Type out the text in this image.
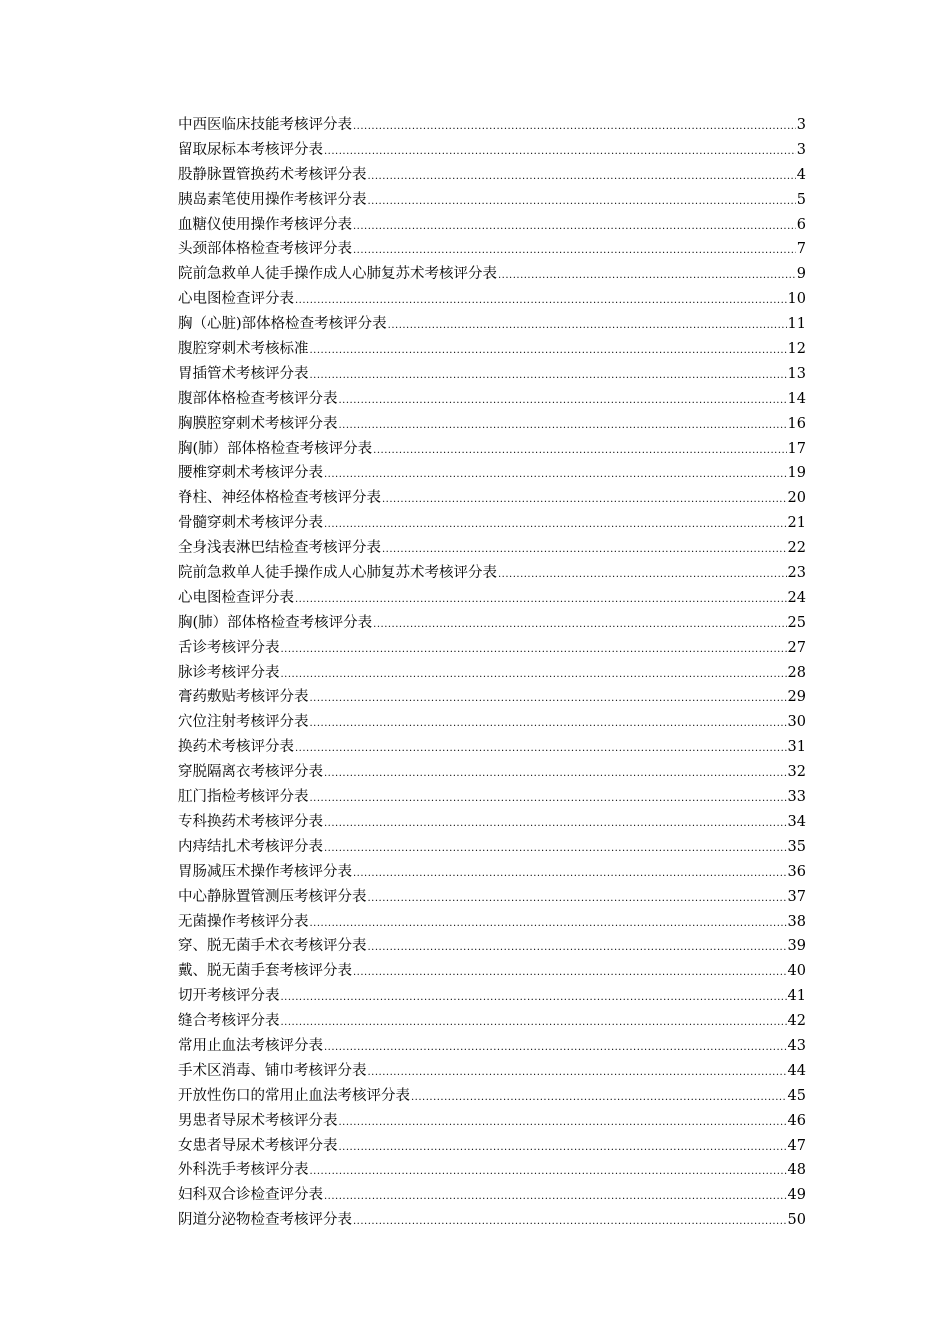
中西医临床技能考核评分表 .....	3
留取尿标本考核评分表 .....	3
股静脉置管换药术考核评分表 .....	4
胰岛素笔使用操作考核评分表 .....	5
血糖仪使用操作考核评分表 .....	6
头颈部体格检查考核评分表 .....	7
院前急救单人徒手操作成人心肺复苏术考核评分表 .....	9
心电图检查评分表 .....	10
胸（心脏)部体格检查考核评分表 .....	11
腹腔穿刺术考核标准 .....	12
胃插管术考核评分表 .....	13
腹部体格检查考核评分表 .....	14
胸膜腔穿刺术考核评分表 .....	16
胸(肺）部体格检查考核评分表 .....	17
腰椎穿刺术考核评分表 .....	19
脊柱、神经体格检查考核评分表 .....	20
骨髓穿刺术考核评分表 .....	21
全身浅表淋巴结检查考核评分表 .....	22
院前急救单人徒手操作成人心肺复苏术考核评分表 .....	23
心电图检查评分表 .....	24
胸(肺）部体格检查考核评分表 .....	25
舌诊考核评分表 .....	27
脉诊考核评分表 .....	28
膏药敷贴考核评分表 .....	29
穴位注射考核评分表 .....	30
换药术考核评分表 .....	31
穿脱隔离衣考核评分表 .....	32
肛门指检考核评分表 .....	33
专科换药术考核评分表 .....	34
内痔结扎术考核评分表 .....	35
胃肠减压术操作考核评分表 .....	36
中心静脉置管测压考核评分表 .....	37
无菌操作考核评分表 .....	38
穿、脱无菌手术衣考核评分表 .....	39
戴、脱无菌手套考核评分表 .....	40
切开考核评分表 .....	41
缝合考核评分表 .....	42
常用止血法考核评分表 .....	43
手术区消毒、铺巾考核评分表 .....	44
开放性伤口的常用止血法考核评分表 .....	45
男患者导尿术考核评分表 .....	46
女患者导尿术考核评分表 .....	47
外科洗手考核评分表 .....	48
妇科双合诊检查评分表 .....	49
阴道分泌物检查考核评分表 .....	50
